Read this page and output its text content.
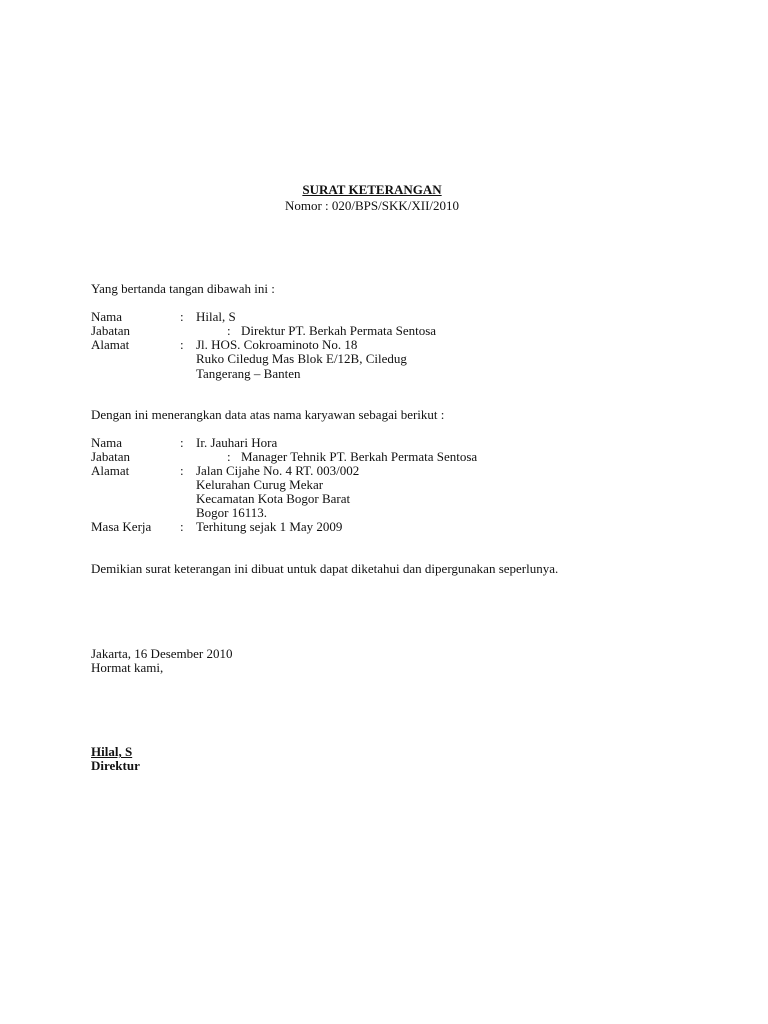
SURAT KETERANGAN
Nomor : 020/BPS/SKK/XII/2010
Yang bertanda tangan dibawah ini :
Nama	: Hilal, S
Jabatan	: Direktur PT. Berkah Permata Sentosa
Alamat	: Jl. HOS. Cokroaminoto No. 18
Ruko Ciledug Mas Blok E/12B, Ciledug
Tangerang – Banten
Dengan ini menerangkan data atas nama karyawan sebagai berikut :
Nama	: Ir. Jauhari Hora
Jabatan	: Manager Tehnik PT. Berkah Permata Sentosa
Alamat	: Jalan Cijahe No. 4 RT. 003/002
Kelurahan Curug Mekar
Kecamatan Kota Bogor Barat
Bogor 16113.
Masa Kerja : Terhitung sejak 1 May 2009
Demikian surat keterangan ini dibuat untuk dapat diketahui dan dipergunakan seperlunya.
Jakarta, 16 Desember 2010
Hormat kami,
Hilal, S
Direktur
